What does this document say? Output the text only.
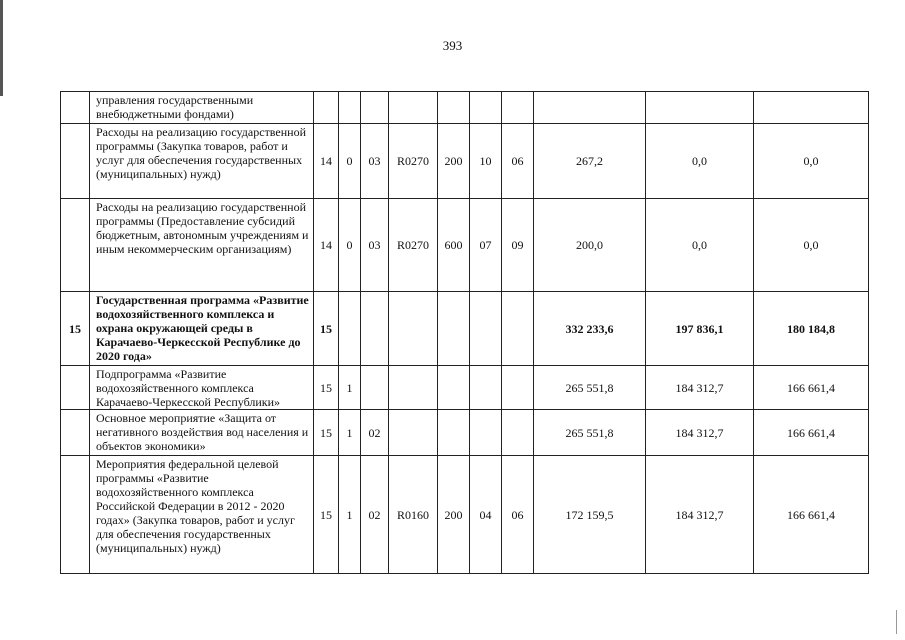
393
	управления государственными внебюджетными фондами)										
	Расходы на реализацию государственной программы (Закупка товаров, работ и услуг для обеспечения государственных (муниципальных) нужд)	14	0	03	R0270	200	10	06	267,2	0,0	0,0
	Расходы на реализацию государственной программы (Предоставление субсидий бюджетным, автономным учреждениям и иным некоммерческим организациям)	14	0	03	R0270	600	07	09	200,0	0,0	0,0
15	Государственная программа «Развитие водохозяйственного комплекса и охрана окружающей среды в Карачаево-Черкесской Республике до 2020 года»	15							332 233,6	197 836,1	180 184,8
	Подпрограмма «Развитие водохозяйственного комплекса Карачаево-Черкесской Республики»	15	1						265 551,8	184 312,7	166 661,4
	Основное мероприятие «Защита от негативного воздействия вод населения и объектов экономики»	15	1	02					265 551,8	184 312,7	166 661,4
	Мероприятия федеральной целевой программы «Развитие водохозяйственного комплекса Российской Федерации в 2012 - 2020 годах» (Закупка товаров, работ и услуг для обеспечения государственных (муниципальных) нужд)	15	1	02	R0160	200	04	06	172 159,5	184 312,7	166 661,4
